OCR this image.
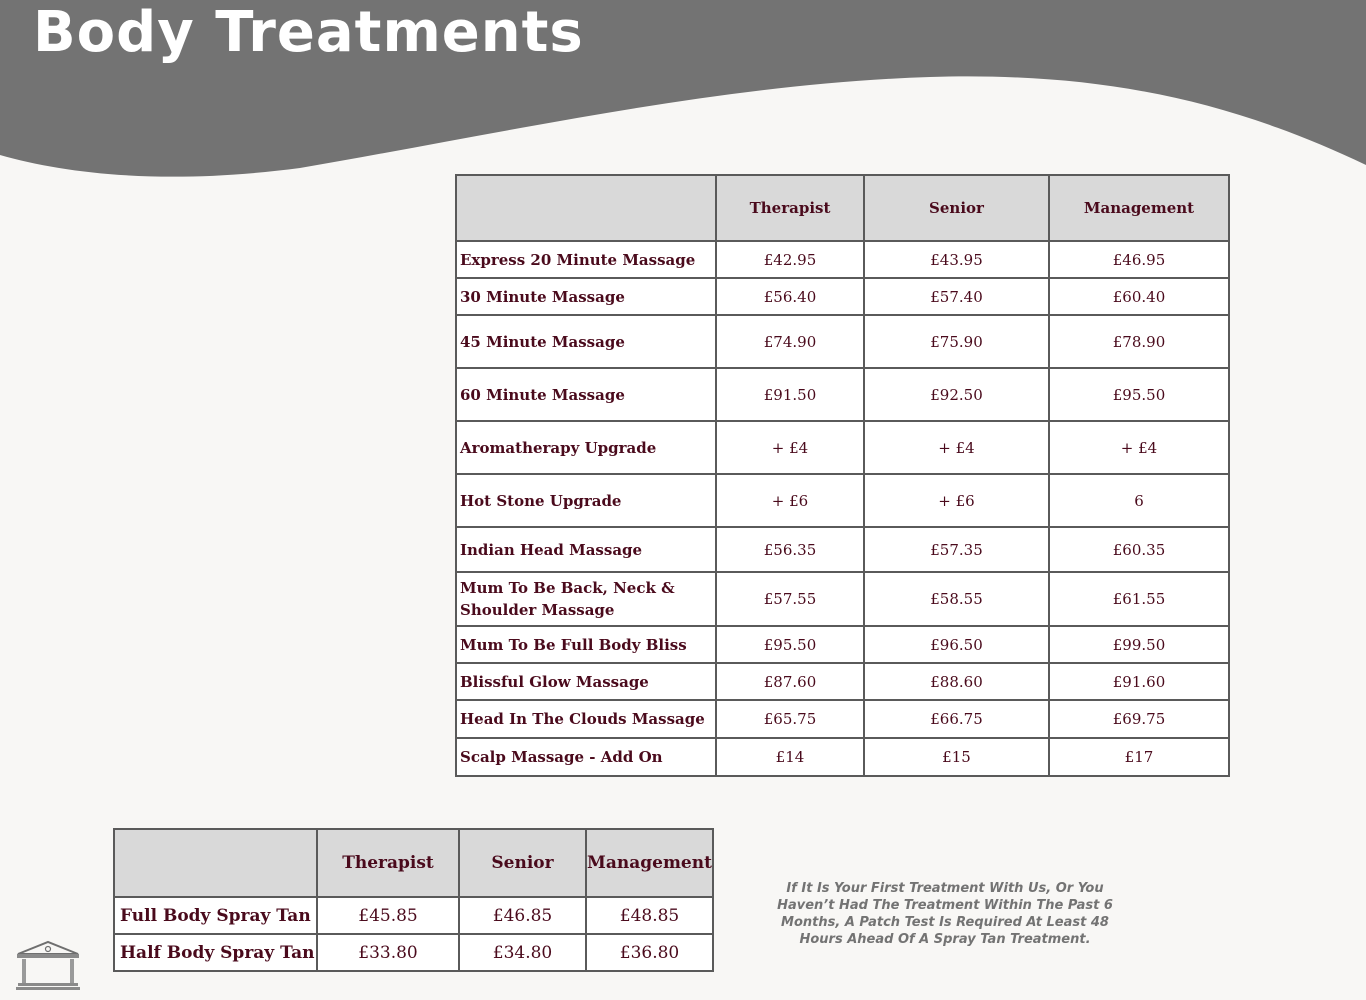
Body Treatments
	Therapist	Senior	Management
Express 20 Minute Massage	£42.95	£43.95	£46.95
30 Minute Massage	£56.40	£57.40	£60.40
45 Minute Massage	£74.90	£75.90	£78.90
60 Minute Massage	£91.50	£92.50	£95.50
Aromatherapy Upgrade	+ £4	+ £4	+ £4
Hot Stone Upgrade	+ £6	+ £6	6
Indian Head Massage	£56.35	£57.35	£60.35
Mum To Be Back, Neck & Shoulder Massage	£57.55	£58.55	£61.55
Mum To Be Full Body Bliss	£95.50	£96.50	£99.50
Blissful Glow Massage	£87.60	£88.60	£91.60
Head In The Clouds Massage	£65.75	£66.75	£69.75
Scalp Massage - Add On	£14	£15	£17
	Therapist	Senior	Management
Full Body Spray Tan	£45.85	£46.85	£48.85
Half Body Spray Tan	£33.80	£34.80	£36.80

If It Is Your First Treatment With Us, Or You Haven’t Had The Treatment Within The Past 6 Months, A Patch Test Is Required At Least 48 Hours Ahead Of A Spray Tan Treatment.
